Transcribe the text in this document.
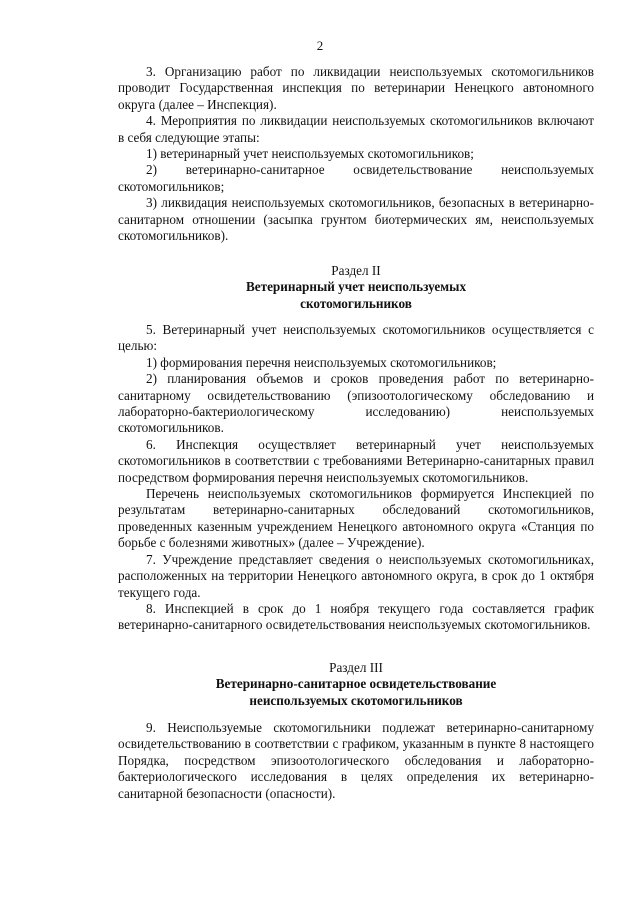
2

3. Организацию работ по ликвидации неиспользуемых скотомогильников проводит Государственная инспекция по ветеринарии Ненецкого автономного округа (далее – Инспекция).

4. Мероприятия по ликвидации неиспользуемых скотомогильников включают в себя следующие этапы:

1) ветеринарный учет неиспользуемых скотомогильников;

2) ветеринарно-санитарное освидетельствование неиспользуемых скотомогильников;

3) ликвидация неиспользуемых скотомогильников, безопасных в ветеринарно-санитарном отношении (засыпка грунтом биотермических ям, неиспользуемых скотомогильников).

Раздел II

Ветеринарный учет неиспользуемых

скотомогильников

5. Ветеринарный учет неиспользуемых скотомогильников осуществляется с целью:

1) формирования перечня неиспользуемых скотомогильников;

2) планирования объемов и сроков проведения работ по ветеринарно-санитарному освидетельствованию (эпизоотологическому обследованию и лабораторно-бактериологическому исследованию) неиспользуемых скотомогильников.

6. Инспекция осуществляет ветеринарный учет неиспользуемых скотомогильников в соответствии с требованиями Ветеринарно-санитарных правил посредством формирования перечня неиспользуемых скотомогильников.

Перечень неиспользуемых скотомогильников формируется Инспекцией по результатам ветеринарно-санитарных обследований скотомогильников, проведенных казенным учреждением Ненецкого автономного округа «Станция по борьбе с болезнями животных» (далее – Учреждение).

7. Учреждение представляет сведения о неиспользуемых скотомогильниках, расположенных на территории Ненецкого автономного округа, в срок до 1 октября текущего года.

8. Инспекцией в срок до 1 ноября текущего года составляется график ветеринарно-санитарного освидетельствования неиспользуемых скотомогильников.

Раздел III

Ветеринарно-санитарное освидетельствование

неиспользуемых скотомогильников

9. Неиспользуемые скотомогильники подлежат ветеринарно-санитарному освидетельствованию в соответствии с графиком, указанным в пункте 8 настоящего Порядка, посредством эпизоотологического обследования и лабораторно-бактериологического исследования в целях определения их ветеринарно-санитарной безопасности (опасности).
